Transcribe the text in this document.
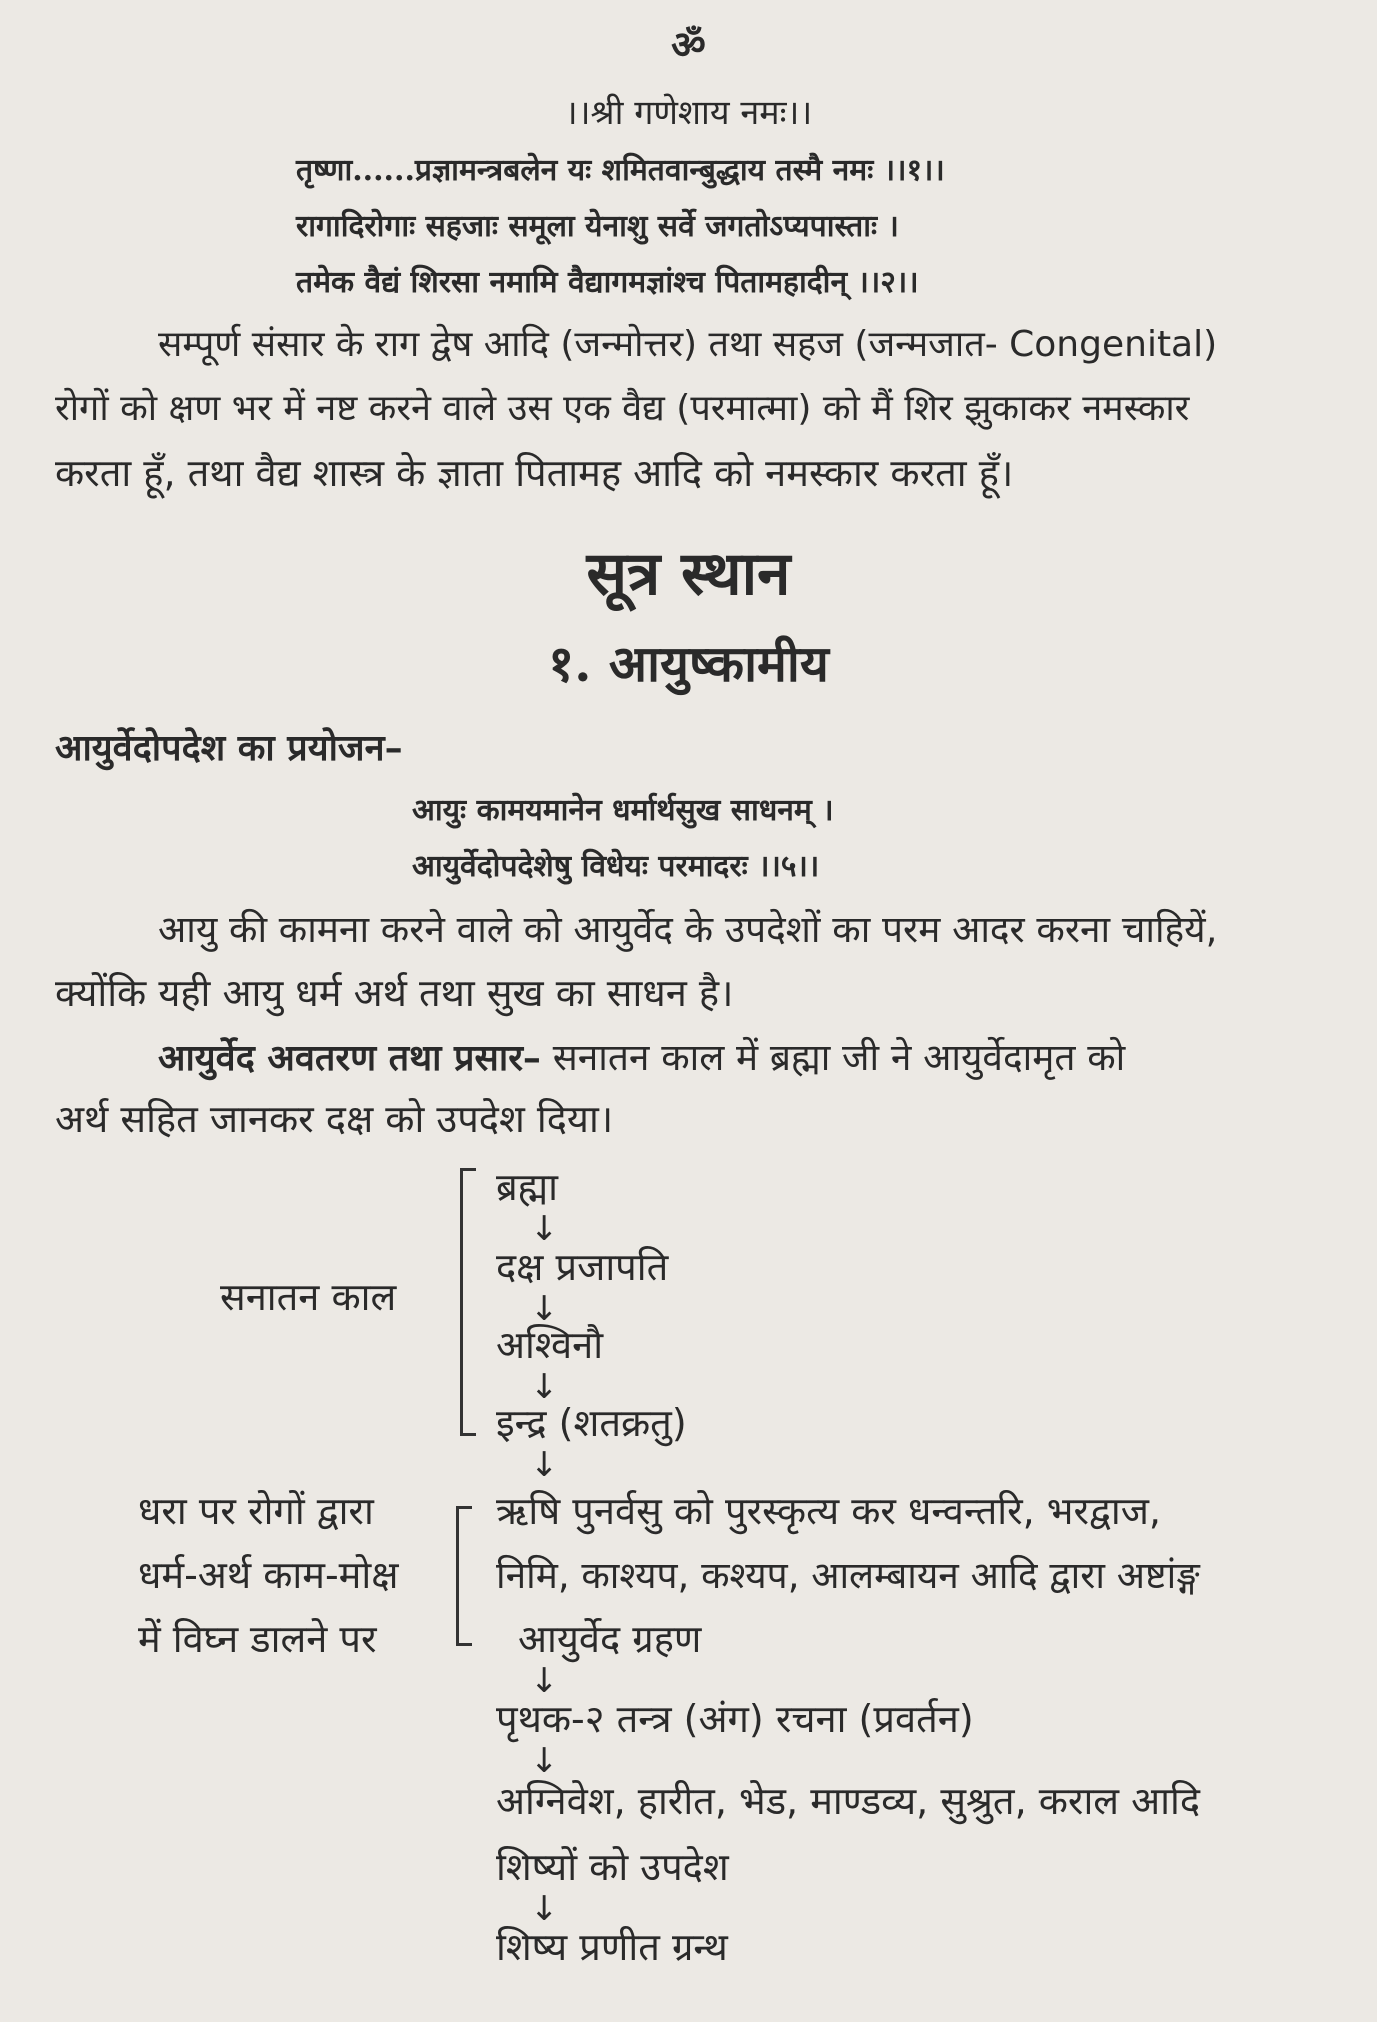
ॐ
।।श्री गणेशाय नमः।।
तृष्णा......प्रज्ञामन्त्रबलेन यः शमितवान्बुद्धाय तस्मै नमः ।।१।।
रागादिरोगाः सहजाः समूला येनाशु सर्वे जगतोऽप्यपास्ताः ।
तमेक वैद्यं शिरसा नमामि वैद्यागमज्ञांश्च पितामहादीन् ।।२।।
सम्पूर्ण संसार के राग द्वेष आदि (जन्मोत्तर) तथा सहज (जन्मजात- Congenital)
रोगों को क्षण भर में नष्ट करने वाले उस एक वैद्य (परमात्मा) को मैं शिर झुकाकर नमस्कार
करता हूँ, तथा वैद्य शास्त्र के ज्ञाता पितामह आदि को नमस्कार करता हूँ।
सूत्र स्थान
१. आयुष्कामीय
आयुर्वेदोपदेश का प्रयोजन–
आयुः कामयमानेन धर्मार्थसुख साधनम् ।
आयुर्वेदोपदेशेषु विधेयः परमादरः ।।५।।
आयु की कामना करने वाले को आयुर्वेद के उपदेशों का परम आदर करना चाहियें,
क्योंकि यही आयु धर्म अर्थ तथा सुख का साधन है।
आयुर्वेद अवतरण तथा प्रसार– सनातन काल में ब्रह्मा जी ने आयुर्वेदामृत को
अर्थ सहित जानकर दक्ष को उपदेश दिया।
सनातन काल
ब्रह्मा
↓
दक्ष प्रजापति
↓
अश्विनौ
↓
इन्द्र (शतक्रतु)
↓
धरा पर रोगों द्वारा
धर्म-अर्थ काम-मोक्ष
में विघ्न डालने पर
ऋषि पुनर्वसु को पुरस्कृत्य कर धन्वन्तरि, भरद्वाज,
निमि, काश्यप, कश्यप, आलम्बायन आदि द्वारा अष्टांङ्ग
आयुर्वेद ग्रहण
↓
पृथक-२ तन्त्र (अंग) रचना (प्रवर्तन)
↓
अग्निवेश, हारीत, भेड, माण्डव्य, सुश्रुत, कराल आदि
शिष्यों को उपदेश
↓
शिष्य प्रणीत ग्रन्थ
